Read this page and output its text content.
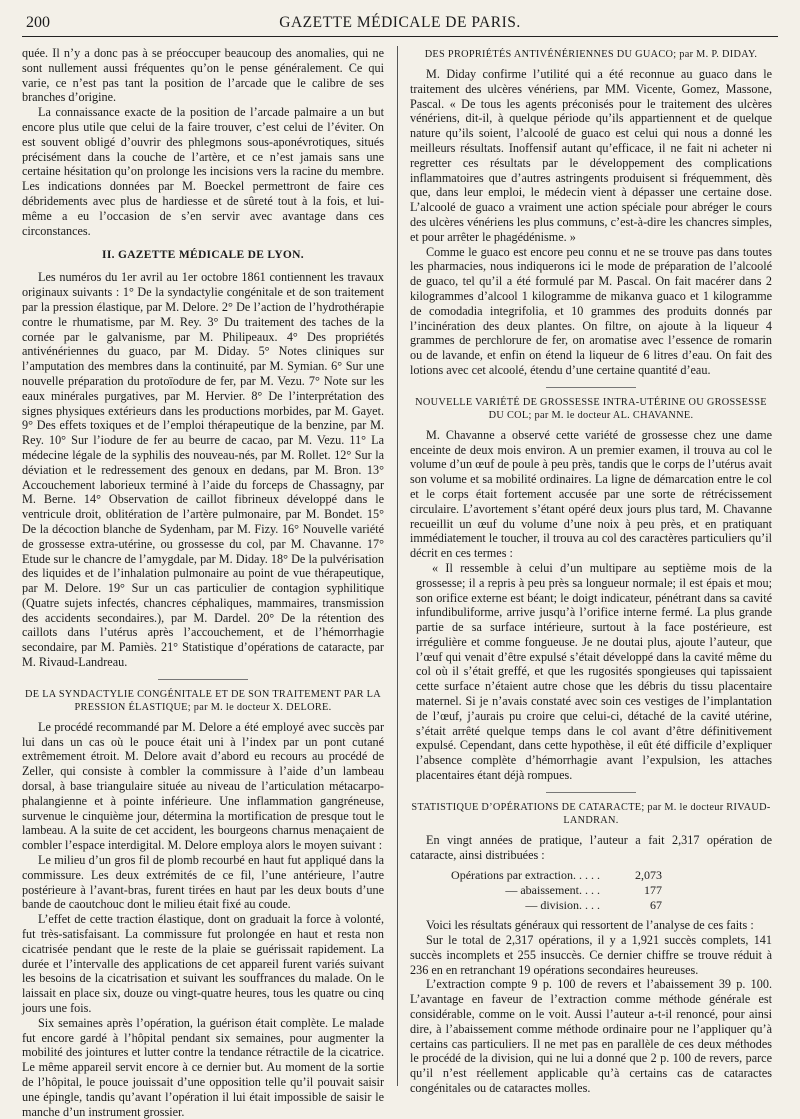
200	GAZETTE MÉDICALE DE PARIS.

quée. Il n’y a donc pas à se préoccuper beaucoup des anomalies, qui ne sont nullement aussi fréquentes qu’on le pense généralement. Ce qui varie, ce n’est pas tant la position de l’arcade que le calibre de ses branches d’origine.

La connaissance exacte de la position de l’arcade palmaire a un but encore plus utile que celui de la faire trouver, c’est celui de l’éviter. On est souvent obligé d’ouvrir des phlegmons sous-aponévrotiques, situés précisément dans la couche de l’artère, et ce n’est jamais sans une certaine hésitation qu’on prolonge les incisions vers la racine du membre. Les indications données par M. Boeckel permettront de faire ces débridements avec plus de hardiesse et de sûreté tout à la fois, et lui-même a eu l’occasion de s’en servir avec avantage dans ces circonstances.

II. GAZETTE MÉDICALE DE LYON.

Les numéros du 1er avril au 1er octobre 1861 contiennent les travaux originaux suivants : 1° De la syndactylie congénitale et de son traitement par la pression élastique, par M. Delore. 2° De l’action de l’hydrothérapie contre le rhumatisme, par M. Rey. 3° Du traitement des taches de la cornée par le galvanisme, par M. Philipeaux. 4° Des propriétés antivénériennes du guaco, par M. Diday. 5° Notes cliniques sur l’amputation des membres dans la continuité, par M. Symian. 6° Sur une nouvelle préparation du protoïodure de fer, par M. Vezu. 7° Note sur les eaux minérales purgatives, par M. Hervier. 8° De l’interprétation des signes physiques extérieurs dans les productions morbides, par M. Gayet. 9° Des effets toxiques et de l’emploi thérapeutique de la benzine, par M. Rey. 10° Sur l’iodure de fer au beurre de cacao, par M. Vezu. 11° La médecine légale de la syphilis des nouveau-nés, par M. Rollet. 12° Sur la déviation et le redressement des genoux en dedans, par M. Bron. 13° Accouchement laborieux terminé à l’aide du forceps de Chassagny, par M. Berne. 14° Observation de caillot fibrineux développé dans le ventricule droit, oblitération de l’artère pulmonaire, par M. Bondet. 15° De la décoction blanche de Sydenham, par M. Fizy. 16° Nouvelle variété de grossesse extra-utérine, ou grossesse du col, par M. Chavanne. 17° Etude sur le chancre de l’amygdale, par M. Diday. 18° De la pulvérisation des liquides et de l’inhalation pulmonaire au point de vue thérapeutique, par M. Delore. 19° Sur un cas particulier de contagion syphilitique (Quatre sujets infectés, chancres céphaliques, mammaires, transmission des accidents secondaires.), par M. Dardel. 20° De la rétention des caillots dans l’utérus après l’accouchement, et de l’hémorrhagie secondaire, par M. Pamiès. 21° Statistique d’opérations de cataracte, par M. Rivaud-Landreau.

DE LA SYNDACTYLIE CONGÉNITALE ET DE SON TRAITEMENT PAR LA PRESSION ÉLASTIQUE; par M. le docteur X. DELORE.

Le procédé recommandé par M. Delore a été employé avec succès par lui dans un cas où le pouce était uni à l’index par un pont cutané extrêmement étroit. M. Delore avait d’abord eu recours au procédé de Zeller, qui consiste à combler la commissure à l’aide d’un lambeau dorsal, à base triangulaire située au niveau de l’articulation métacarpo-phalangienne et à pointe inférieure. Une inflammation gangréneuse, survenue le cinquième jour, détermina la mortification de presque tout le lambeau. A la suite de cet accident, les bourgeons charnus menaçaient de combler l’espace interdigital. M. Delore employa alors le moyen suivant :

Le milieu d’un gros fil de plomb recourbé en haut fut appliqué dans la commissure. Les deux extrémités de ce fil, l’une antérieure, l’autre postérieure à l’avant-bras, furent tirées en haut par les deux bouts d’une bande de caoutchouc dont le milieu était fixé au coude.

L’effet de cette traction élastique, dont on graduait la force à volonté, fut très-satisfaisant. La commissure fut prolongée en haut et resta non cicatrisée pendant que le reste de la plaie se guérissait rapidement. La durée et l’intervalle des applications de cet appareil furent variés suivant les besoins de la cicatrisation et suivant les souffrances du malade. On le laissait en place six, douze ou vingt-quatre heures, tous les quatre ou cinq jours une fois.

Six semaines après l’opération, la guérison était complète. Le malade fut encore gardé à l’hôpital pendant six semaines, pour augmenter la mobilité des jointures et lutter contre la tendance rétractile de la cicatrice. Le même appareil servit encore à ce dernier but. Au moment de la sortie de l’hôpital, le pouce jouissait d’une opposition telle qu’il pouvait saisir une épingle, tandis qu’avant l’opération il lui était impossible de saisir le manche d’un instrument grossier.

DES PROPRIÉTÉS ANTIVÉNÉRIENNES DU GUACO; par M. P. DIDAY.

M. Diday confirme l’utilité qui a été reconnue au guaco dans le traitement des ulcères vénériens, par MM. Vicente, Gomez, Massone, Pascal. « De tous les agents préconisés pour le traitement des ulcères vénériens, dit-il, à quelque période qu’ils appartiennent et de quelque nature qu’ils soient, l’alcoolé de guaco est celui qui nous a donné les meilleurs résultats. Inoffensif autant qu’efficace, il ne fait ni acheter ni regretter ces résultats par le développement des complications inflammatoires que d’autres astringents produisent si fréquemment, dès que, dans leur emploi, le médecin vient à dépasser une certaine dose. L’alcoolé de guaco a vraiment une action spéciale pour abréger le cours des ulcères vénériens les plus communs, c’est-à-dire les chancres simples, et pour arrêter le phagédénisme. »

Comme le guaco est encore peu connu et ne se trouve pas dans toutes les pharmacies, nous indiquerons ici le mode de préparation de l’alcoolé de guaco, tel qu’il a été formulé par M. Pascal. On fait macérer dans 2 kilogrammes d’alcool 1 kilogramme de mikanva guaco et 1 kilogramme de comodadia integrifolia, et 10 grammes des produits donnés par l’incinération des deux plantes. On filtre, on ajoute à la liqueur 4 grammes de perchlorure de fer, on aromatise avec l’essence de romarin ou de lavande, et enfin on étend la liqueur de 6 litres d’eau. On fait des lotions avec cet alcoolé, étendu d’une certaine quantité d’eau.

NOUVELLE VARIÉTÉ DE GROSSESSE INTRA-UTÉRINE OU GROSSESSE DU COL; par M. le docteur AL. CHAVANNE.

M. Chavanne a observé cette variété de grossesse chez une dame enceinte de deux mois environ. A un premier examen, il trouva au col le volume d’un œuf de poule à peu près, tandis que le corps de l’utérus avait son volume et sa mobilité ordinaires. La ligne de démarcation entre le col et le corps était fortement accusée par une sorte de rétrécissement circulaire. L’avortement s’étant opéré deux jours plus tard, M. Chavanne recueillit un œuf du volume d’une noix à peu près, et en pratiquant immédiatement le toucher, il trouva au col des caractères particuliers qu’il décrit en ces termes :

« Il ressemble à celui d’un multipare au septième mois de la grossesse; il a repris à peu près sa longueur normale; il est épais et mou; son orifice externe est béant; le doigt indicateur, pénétrant dans sa cavité infundibuliforme, arrive jusqu’à l’orifice interne fermé. La plus grande partie de sa surface intérieure, surtout à la face postérieure, est irrégulière et comme fongueuse. Je ne doutai plus, ajoute l’auteur, que l’œuf qui venait d’être expulsé s’était développé dans la cavité même du col où il s’était greffé, et que les rugosités spongieuses qui tapissaient cette surface n’étaient autre chose que les débris du tissu placentaire maternel. Si je n’avais constaté avec soin ces vestiges de l’implantation de l’œuf, j’aurais pu croire que celui-ci, détaché de la cavité utérine, s’était arrêté quelque temps dans le col avant d’être définitivement expulsé. Cependant, dans cette hypothèse, il eût été difficile d’expliquer l’absence complète d’hémorrhagie avant l’expulsion, les attaches placentaires étant déjà rompues.

STATISTIQUE D’OPÉRATIONS DE CATARACTE; par M. le docteur RIVAUD-LANDRAN.

En vingt années de pratique, l’auteur a fait 2,317 opération de cataracte, ainsi distribuées :

Opérations par extraction. . . . .	2,073
— abaissement. . . .	177
— division. . . .	67

Voici les résultats généraux qui ressortent de l’analyse de ces faits :

Sur le total de 2,317 opérations, il y a 1,921 succès complets, 141 succès incomplets et 255 insuccès. Ce dernier chiffre se trouve réduit à 236 en en retranchant 19 opérations secondaires heureuses.

L’extraction compte 9 p. 100 de revers et l’abaissement 39 p. 100. L’avantage en faveur de l’extraction comme méthode générale est considérable, comme on le voit. Aussi l’auteur a-t-il renoncé, pour ainsi dire, à l’abaissement comme méthode ordinaire pour ne l’appliquer qu’à certains cas particuliers. Il ne met pas en parallèle de ces deux méthodes le procédé de la division, qui ne lui a donné que 2 p. 100 de revers, parce qu’il n’est réellement applicable qu’à certains cas de cataractes congénitales ou de cataractes molles.
